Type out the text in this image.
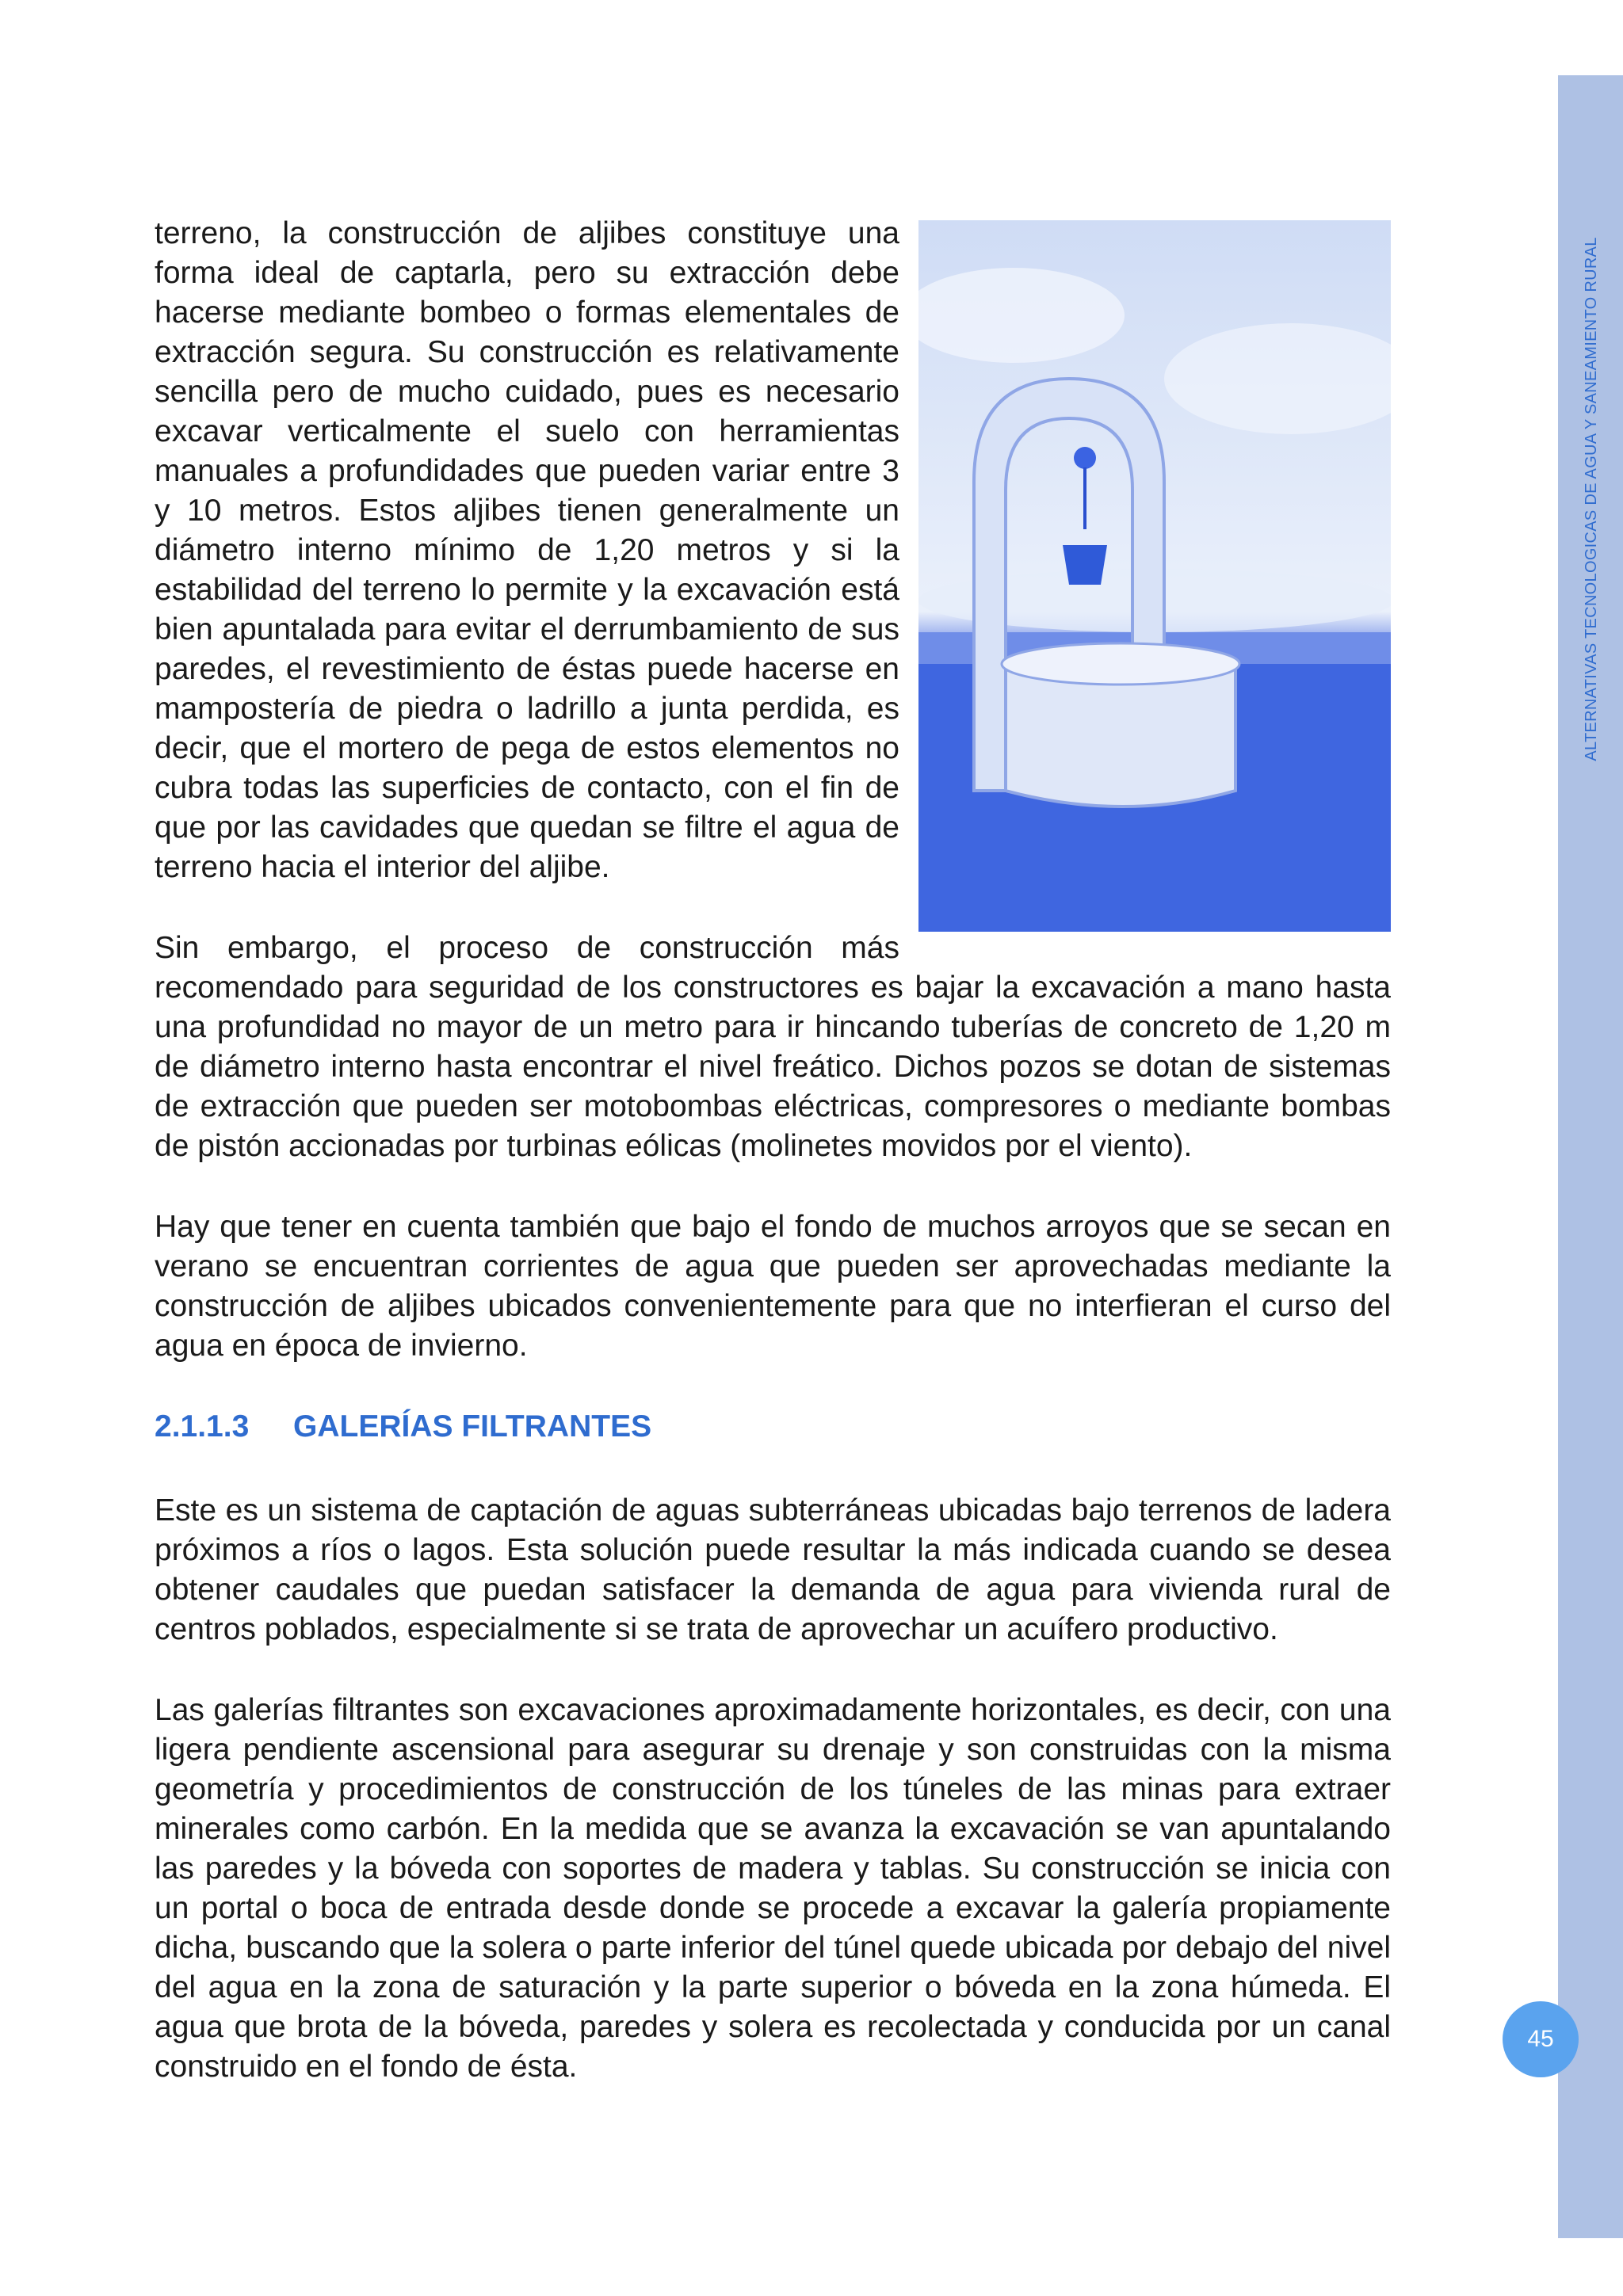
ALTERNATIVAS TECNOLOGICAS DE AGUA Y SANEAMIENTO RURAL
45

terreno, la construcción de aljibes constituye una forma ideal de captarla, pero su extracción debe hacerse mediante bombeo o formas elementales de extracción segura. Su construcción es relativamente sencilla pero de mucho cuidado, pues es necesario excavar verticalmente el suelo con herramientas manuales a profundidades que pueden variar entre 3 y 10 metros. Estos aljibes tienen generalmente un diámetro interno mínimo de 1,20 metros y si la estabilidad del terreno lo permite y la excavación está bien apuntalada para evitar el derrumbamiento de sus paredes, el revestimiento de éstas puede hacerse en mampostería de piedra o ladrillo a junta perdida, es decir, que el mortero de pega de estos elementos no cubra todas las superficies de contacto, con el fin de que por las cavidades que quedan se filtre el agua de terreno hacia el interior del aljibe.

Sin embargo, el proceso de construcción más recomendado para seguridad de los constructores es bajar la excavación a mano hasta una profundidad no mayor de un metro para ir hincando tuberías de concreto de 1,20 m de diámetro interno hasta encontrar el nivel freático. Dichos pozos se dotan de sistemas de extracción que pueden ser motobombas eléctricas, compresores o mediante bombas de pistón accionadas por turbinas eólicas (molinetes movidos por el viento).

Hay que tener en cuenta también que bajo el fondo de muchos arroyos que se secan en verano se encuentran corrientes de agua que pueden ser aprovechadas mediante la construcción de aljibes ubicados convenientemente para que no interfieran el curso del agua en época de invierno.

2.1.1.3 GALERÍAS FILTRANTES

Este es un sistema de captación de aguas subterráneas ubicadas bajo terrenos de ladera próximos a ríos o lagos. Esta solución puede resultar la más indicada cuando se desea obtener caudales que puedan satisfacer la demanda de agua para vivienda rural de centros poblados, especialmente si se trata de aprovechar un acuífero productivo.

Las galerías filtrantes son excavaciones aproximadamente horizontales, es decir, con una ligera pendiente ascensional para asegurar su drenaje y son construidas con la misma geometría y procedimientos de construcción de los túneles de las minas para extraer minerales como carbón. En la medida que se avanza la excavación se van apuntalando las paredes y la bóveda con soportes de madera y tablas. Su construcción se inicia con un portal o boca de entrada desde donde se procede a excavar la galería propiamente dicha, buscando que la solera o parte inferior del túnel quede ubicada por debajo del nivel del agua en la zona de saturación y la parte superior o bóveda en la zona húmeda. El agua que brota de la bóveda, paredes y solera es recolectada y conducida por un canal construido en el fondo de ésta.
